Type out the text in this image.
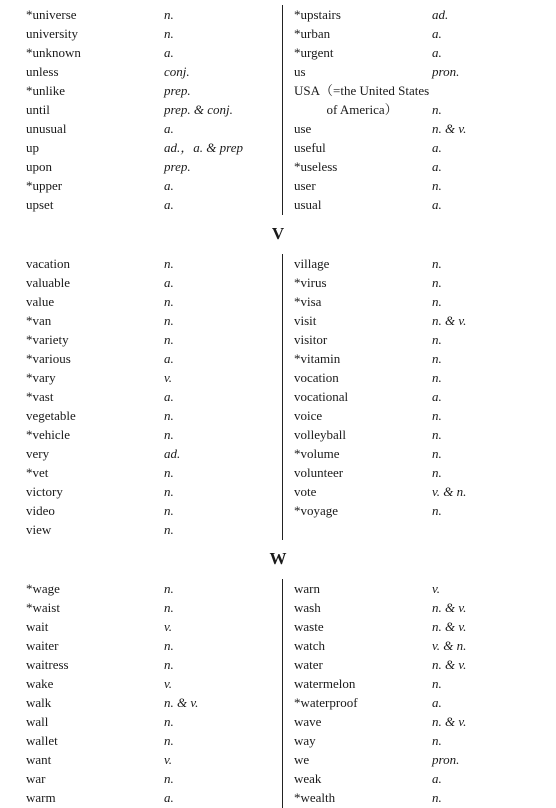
*universe	n.
university	n.
*unknown	a.
unless	conj.
*unlike	prep.
until	prep. & conj.
unusual	a.
up	ad.，a. & prep
upon	prep.
*upper	a.
upset	a.
*upstairs	ad.
*urban	a.
*urgent	a.
us	pron.
USA（=the United States
of America）	n.
use	n. & v.
useful	a.
*useless	a.
user	n.
usual	a.
V
vacation	n.
valuable	a.
value	n.
*van	n.
*variety	n.
*various	a.
*vary	v.
*vast	a.
vegetable	n.
*vehicle	n.
very	ad.
*vet	n.
victory	n.
video	n.
view	n.
village	n.
*virus	n.
*visa	n.
visit	n. & v.
visitor	n.
*vitamin	n.
vocation	n.
vocational	a.
voice	n.
volleyball	n.
*volume	n.
volunteer	n.
vote	v. & n.
*voyage	n.
W
*wage	n.
*waist	n.
wait	v.
waiter	n.
waitress	n.
wake	v.
walk	n. & v.
wall	n.
wallet	n.
want	v.
war	n.
warm	a.
warn	v.
wash	n. & v.
waste	n. & v.
watch	v. & n.
water	n. & v.
watermelon	n.
*waterproof	a.
wave	n. & v.
way	n.
we	pron.
weak	a.
*wealth	n.
